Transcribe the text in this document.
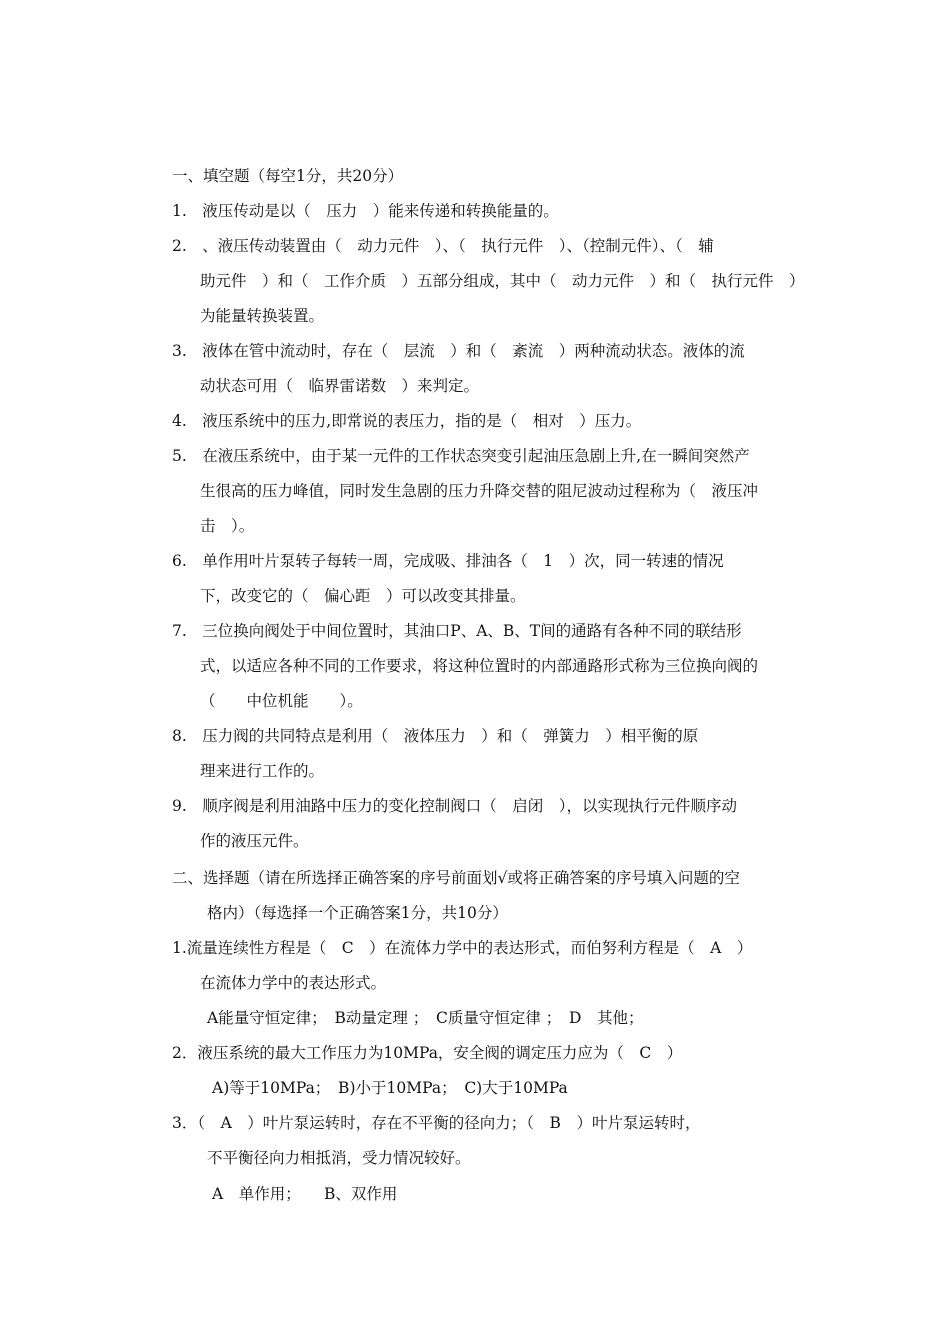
一、填空题（每空1分，共20分）
1.　液压传动是以（　压力　）能来传递和转换能量的。
2.　、液压传动装置由（　动力元件　）、（　执行元件　）、（控制元件）、（　辅
助元件　）和（　工作介质　）五部分组成，其中（　动力元件　）和（　执行元件　）
为能量转换装置。
3.　液体在管中流动时，存在（　层流　）和（　紊流　）两种流动状态。液体的流
动状态可用（　临界雷诺数　）来判定。
4.　液压系统中的压力,即常说的表压力，指的是（　相对　）压力。
5.　在液压系统中，由于某一元件的工作状态突变引起油压急剧上升,在一瞬间突然产
生很高的压力峰值，同时发生急剧的压力升降交替的阻尼波动过程称为（　液压冲
击　）。
6.　单作用叶片泵转子每转一周，完成吸、排油各（　1　）次，同一转速的情况
下，改变它的（　偏心距　）可以改变其排量。
7.　三位换向阀处于中间位置时，其油口P、A、B、T间的通路有各种不同的联结形
式，以适应各种不同的工作要求，将这种位置时的内部通路形式称为三位换向阀的
（　　中位机能　　）。
8.　压力阀的共同特点是利用（　液体压力　）和（　弹簧力　）相平衡的原
理来进行工作的。
9.　顺序阀是利用油路中压力的变化控制阀口（　启闭　），以实现执行元件顺序动
作的液压元件。
二、选择题（请在所选择正确答案的序号前面划√或将正确答案的序号填入问题的空
格内）（每选择一个正确答案1分，共10分）
1.流量连续性方程是（　C　）在流体力学中的表达形式，而伯努利方程是（　A　）
在流体力学中的表达形式。
A能量守恒定律；　B动量定理 ；　C质量守恒定律 ；　D　其他；
2．液压系统的最大工作压力为10MPa，安全阀的调定压力应为（　C　）
A)等于10MPa；　B)小于10MPa；　C)大于10MPa
3．（　A　）叶片泵运转时，存在不平衡的径向力；（　B　）叶片泵运转时，
不平衡径向力相抵消，受力情况较好。
A　单作用；　　B、双作用
